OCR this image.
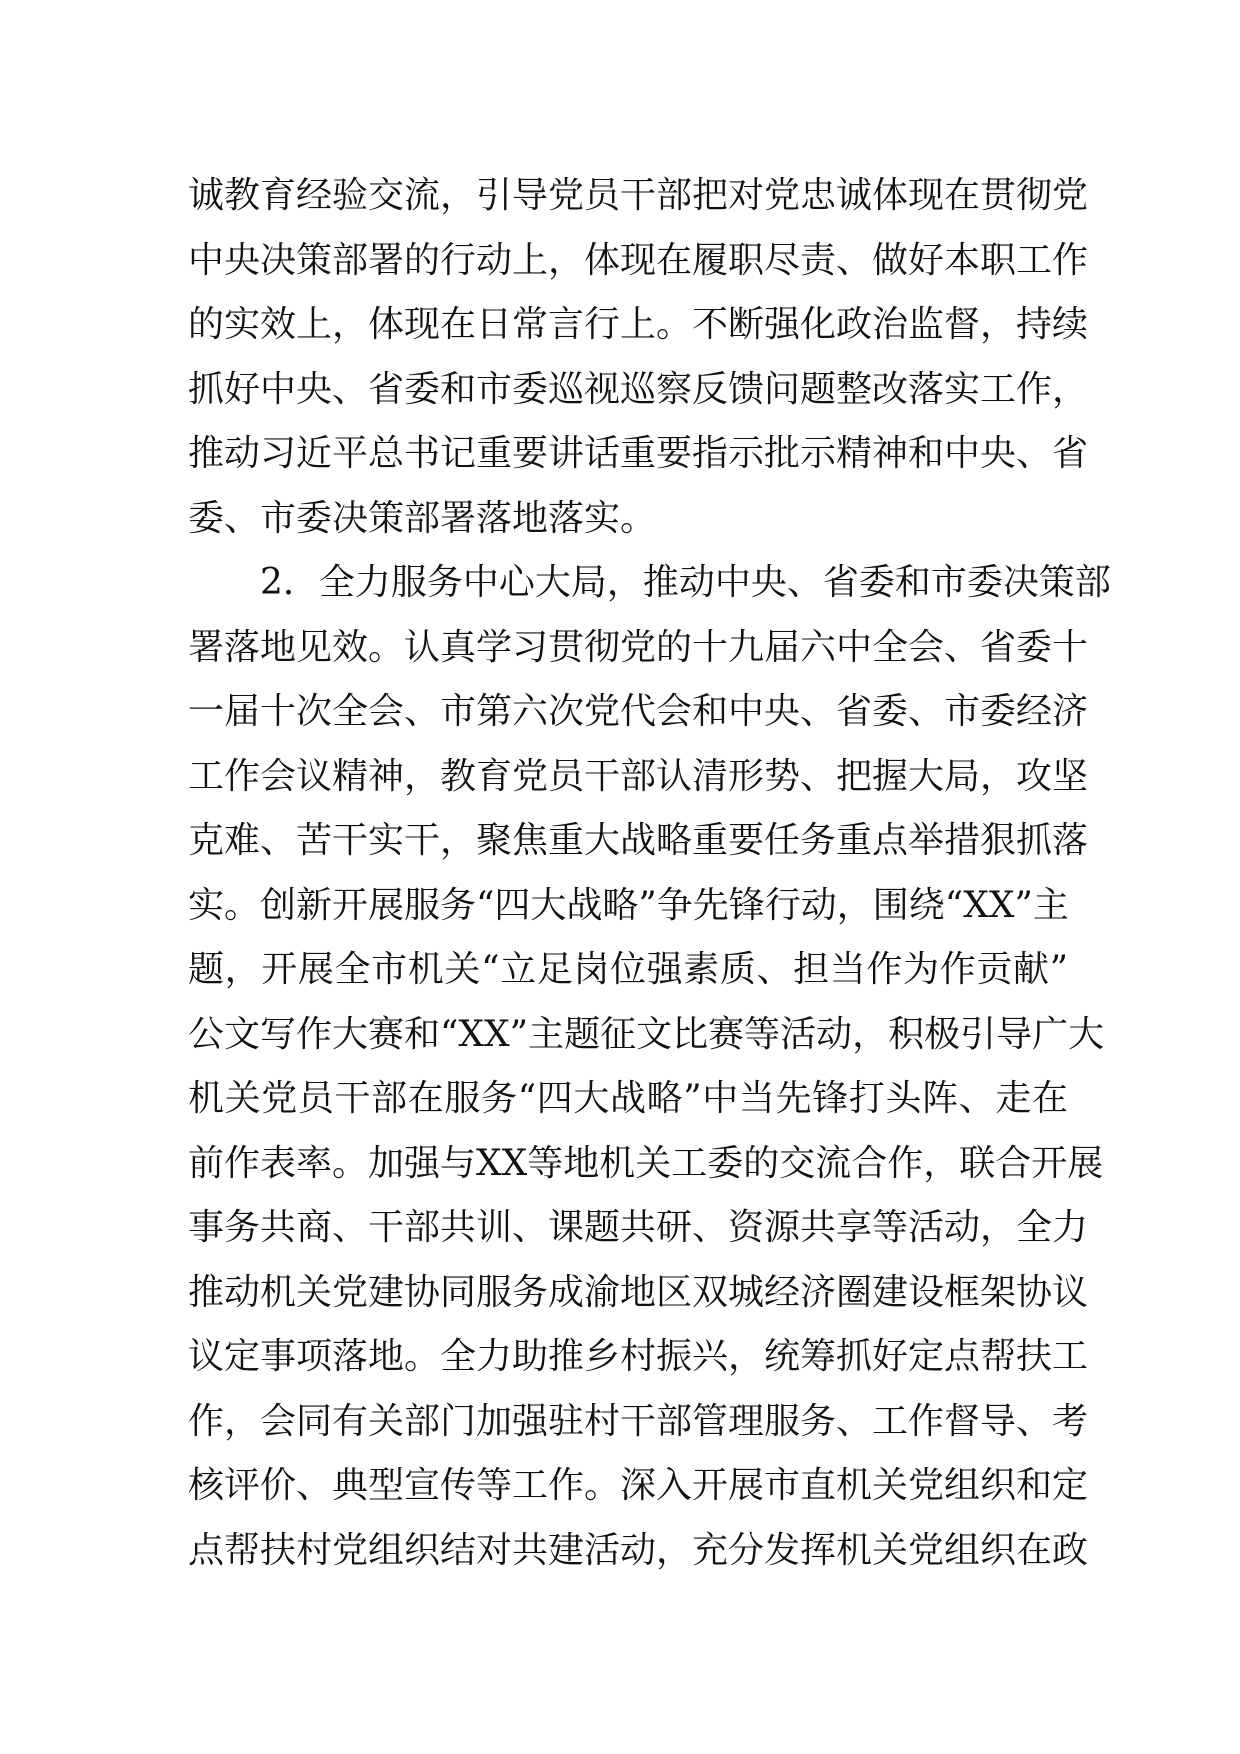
诚教育经验交流，引导党员干部把对党忠诚体现在贯彻党
中央决策部署的行动上，体现在履职尽责、做好本职工作
的实效上，体现在日常言行上。不断强化政治监督，持续
抓好中央、省委和市委巡视巡察反馈问题整改落实工作，
推动习近平总书记重要讲话重要指示批示精神和中央、省
委、市委决策部署落地落实。
2．全力服务中心大局，推动中央、省委和市委决策部
署落地见效。认真学习贯彻党的十九届六中全会、省委十
一届十次全会、市第六次党代会和中央、省委、市委经济
工作会议精神，教育党员干部认清形势、把握大局，攻坚
克难、苦干实干，聚焦重大战略重要任务重点举措狠抓落
实。创新开展服务“四大战略”争先锋行动，围绕“XX”主
题，开展全市机关“立足岗位强素质、担当作为作贡献”
公文写作大赛和“XX”主题征文比赛等活动，积极引导广大
机关党员干部在服务“四大战略”中当先锋打头阵、走在
前作表率。加强与XX等地机关工委的交流合作，联合开展
事务共商、干部共训、课题共研、资源共享等活动，全力
推动机关党建协同服务成渝地区双城经济圈建设框架协议
议定事项落地。全力助推乡村振兴，统筹抓好定点帮扶工
作，会同有关部门加强驻村干部管理服务、工作督导、考
核评价、典型宣传等工作。深入开展市直机关党组织和定
点帮扶村党组织结对共建活动，充分发挥机关党组织在政
